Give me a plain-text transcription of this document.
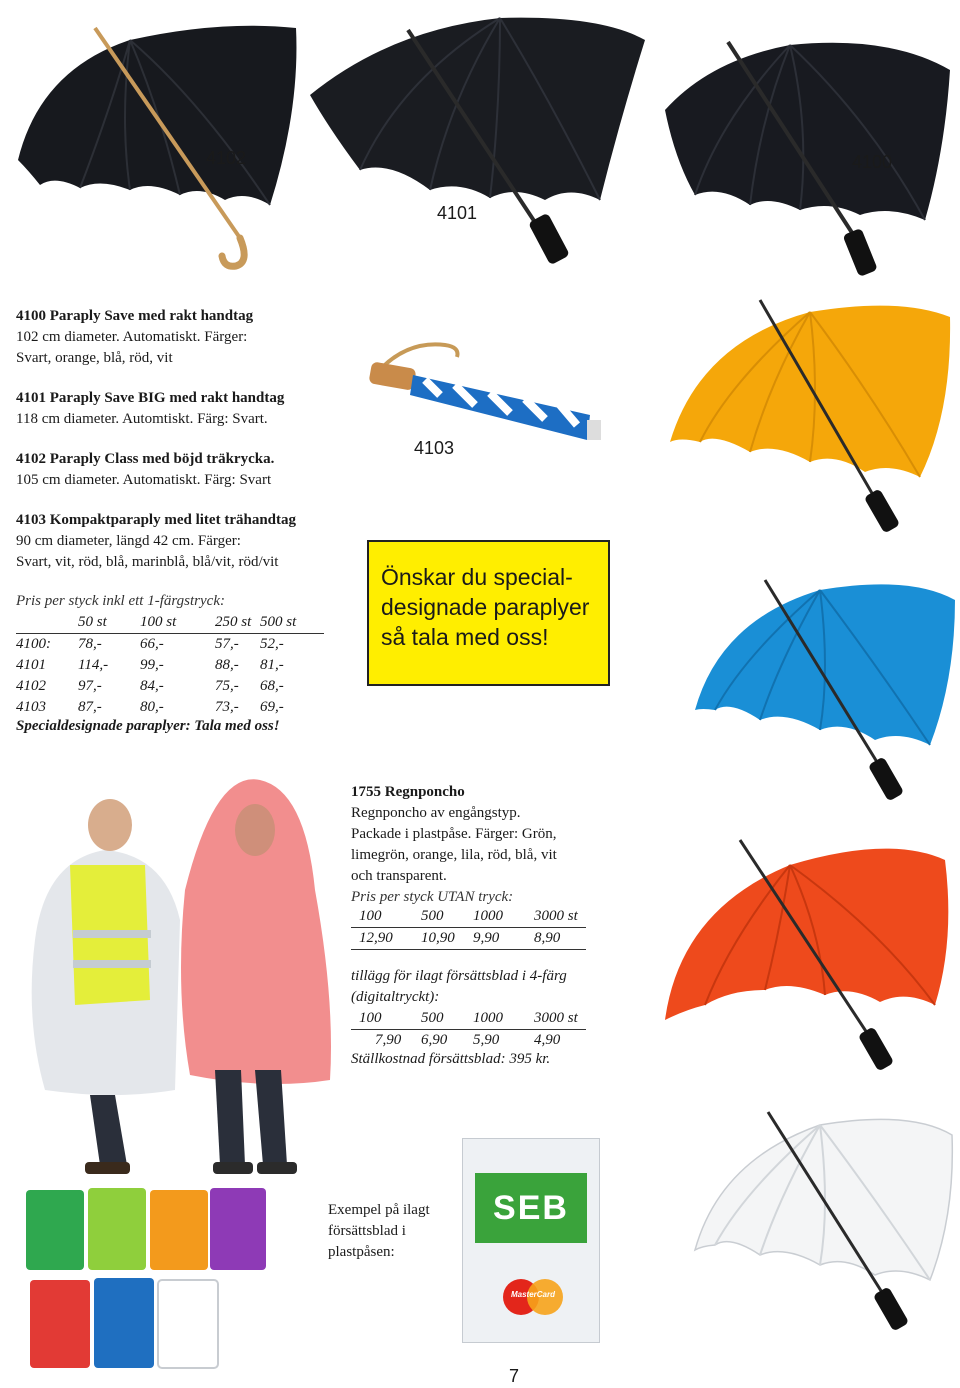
4102
4101
4100
4100 Paraply Save med rakt handtag
102 cm diameter. Automatiskt. Färger:
Svart, orange, blå, röd, vit
4101 Paraply Save BIG med rakt handtag
118 cm diameter. Automtiskt. Färg: Svart.
4102 Paraply Class med böjd träkrycka.
105 cm diameter. Automatiskt. Färg: Svart
4103 Kompaktparaply med litet trähandtag
90 cm diameter, längd 42 cm. Färger:
Svart, vit, röd, blå, marinblå, blå/vit, röd/vit
Pris per styck inkl ett 1-färgstryck:
	50 st	100 st	250 st	500 st
4100:	78,-	66,-	57,-	52,-
4101	114,-	99,-	88,-	81,-
4102	97,-	84,-	75,-	68,-
4103	87,-	80,-	73,-	69,-
Specialdesignade paraplyer: Tala med oss!
4103
Önskar du special-
designade paraplyer
så tala med oss!
1755 Regnponcho
Regnponcho av engångstyp.
Packade i plastpåse. Färger: Grön,
limegrön, orange, lila, röd, blå, vit
och transparent.
Pris per styck UTAN tryck:
	100	500	1000	3000 st
	12,90	10,90	9,90	8,90
tillägg för ilagt försättsblad i 4-färg
(digitaltryckt):
	100	500	1000	3000 st
	7,90	6,90	5,90	4,90
Ställkostnad försättsblad: 395 kr.
Exempel på ilagt
försättsblad i
plastpåsen:
SEB
MasterCard
7
